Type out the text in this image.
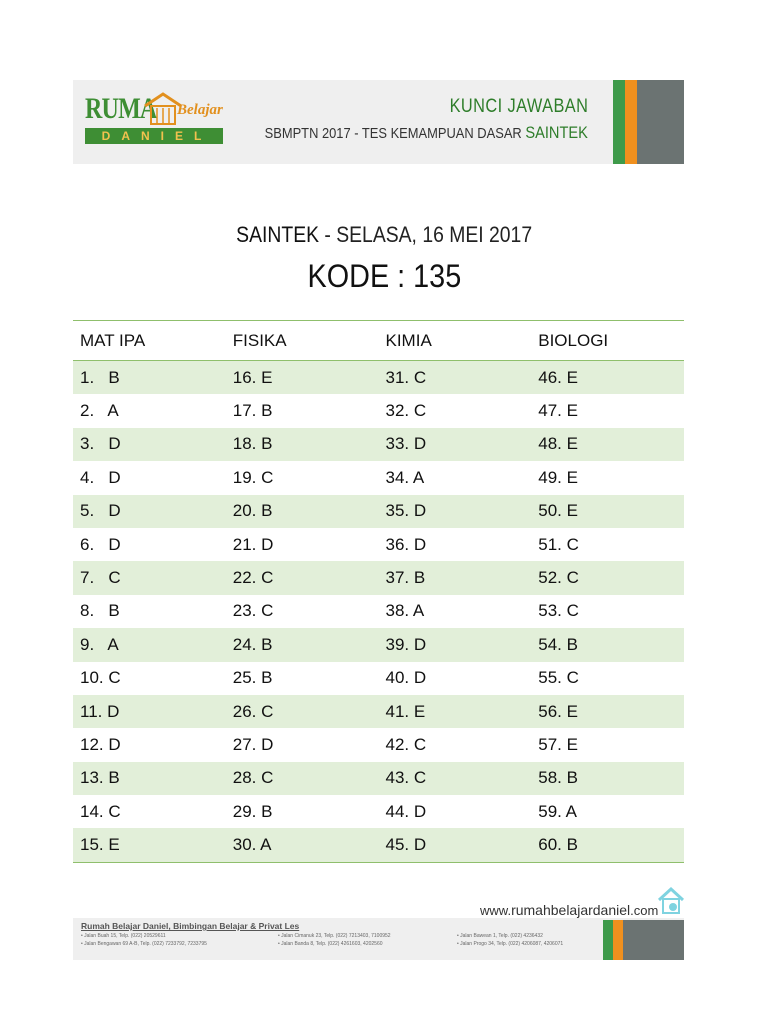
RUMA Belajar
DANIEL
KUNCI JAWABAN
SBMPTN 2017 - TES KEMAMPUAN DASAR SAINTEK
SAINTEK - SELASA, 16 MEI 2017
KODE : 135
MAT IPA	FISIKA	KIMIA	BIOLOGI
1.   B	16. E	31. C	46. E
2.   A	17. B	32. C	47. E
3.   D	18. B	33. D	48. E
4.   D	19. C	34. A	49. E
5.   D	20. B	35. D	50. E
6.   D	21. D	36. D	51. C
7.   C	22. C	37. B	52. C
8.   B	23. C	38. A	53. C
9.   A	24. B	39. D	54. B
10. C	25. B	40. D	55. C
11. D	26. C	41. E	56. E
12. D	27. D	42. C	57. E
13. B	28. C	43. C	58. B
14. C	29. B	44. D	59. A
15. E	30. A	45. D	60. B
www.rumahbelajardaniel.com
Rumah Belajar Daniel, Bimbingan Belajar & Privat Les
• Jalan Buah 15, Telp. (022) 20529611
• Jalan Bengawan 69 A-B, Telp. (022) 7233792, 7233795
• Jalan Cimanuk 23, Telp. (022) 7213403, 7100952
• Jalan Banda 8, Telp. (022) 4261603, 4202560
• Jalan Bawean 1, Telp. (022) 4236432
• Jalan Progo 34, Telp. (022) 4206087, 4206071
